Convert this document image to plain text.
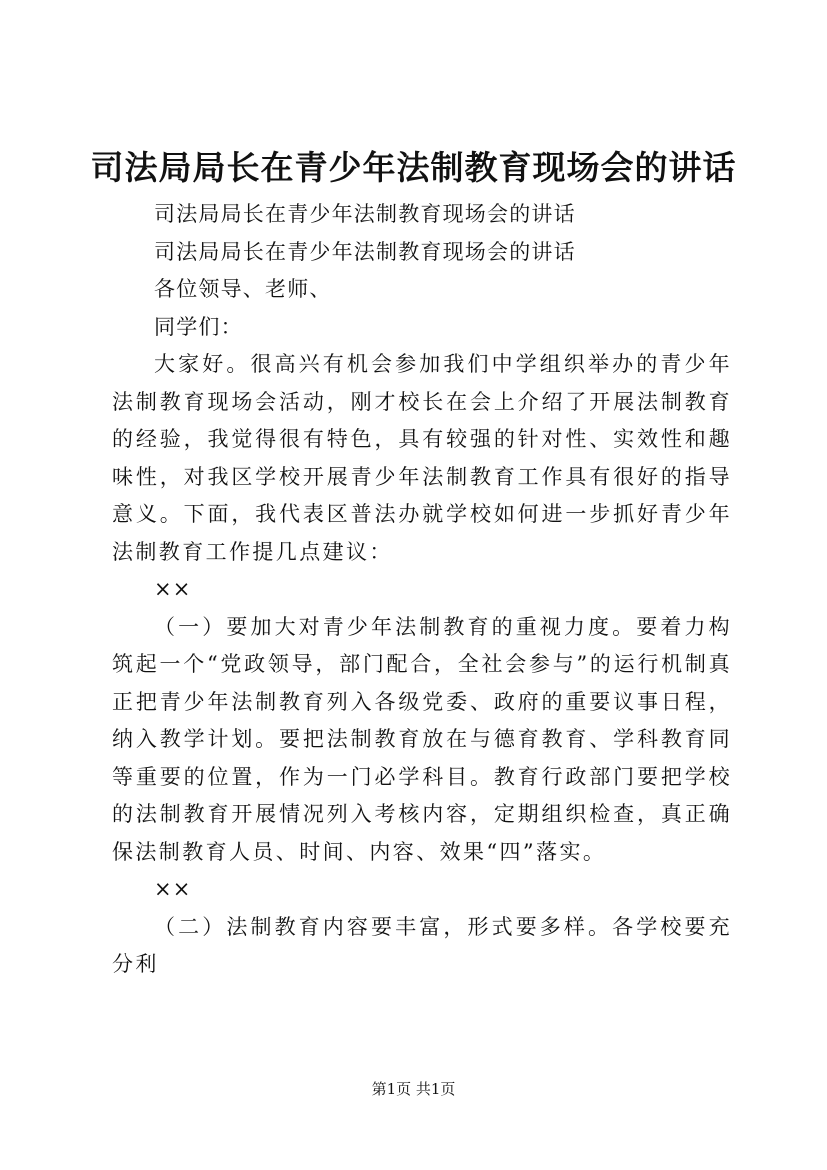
司法局局长在青少年法制教育现场会的讲话

司法局局长在青少年法制教育现场会的讲话

司法局局长在青少年法制教育现场会的讲话

各位领导、老师、

同学们：

大家好。很高兴有机会参加我们中学组织举办的青少年法制教育现场会活动，刚才校长在会上介绍了开展法制教育的经验，我觉得很有特色，具有较强的针对性、实效性和趣味性，对我区学校开展青少年法制教育工作具有很好的指导意义。下面，我代表区普法办就学校如何进一步抓好青少年法制教育工作提几点建议：

××

（一）要加大对青少年法制教育的重视力度。要着力构筑起一个“党政领导，部门配合，全社会参与”的运行机制真正把青少年法制教育列入各级党委、政府的重要议事日程，纳入教学计划。要把法制教育放在与德育教育、学科教育同等重要的位置，作为一门必学科目。教育行政部门要把学校的法制教育开展情况列入考核内容，定期组织检查，真正确保法制教育人员、时间、内容、效果“四”落实。

××

（二）法制教育内容要丰富，形式要多样。各学校要充分利

第1页 共1页
